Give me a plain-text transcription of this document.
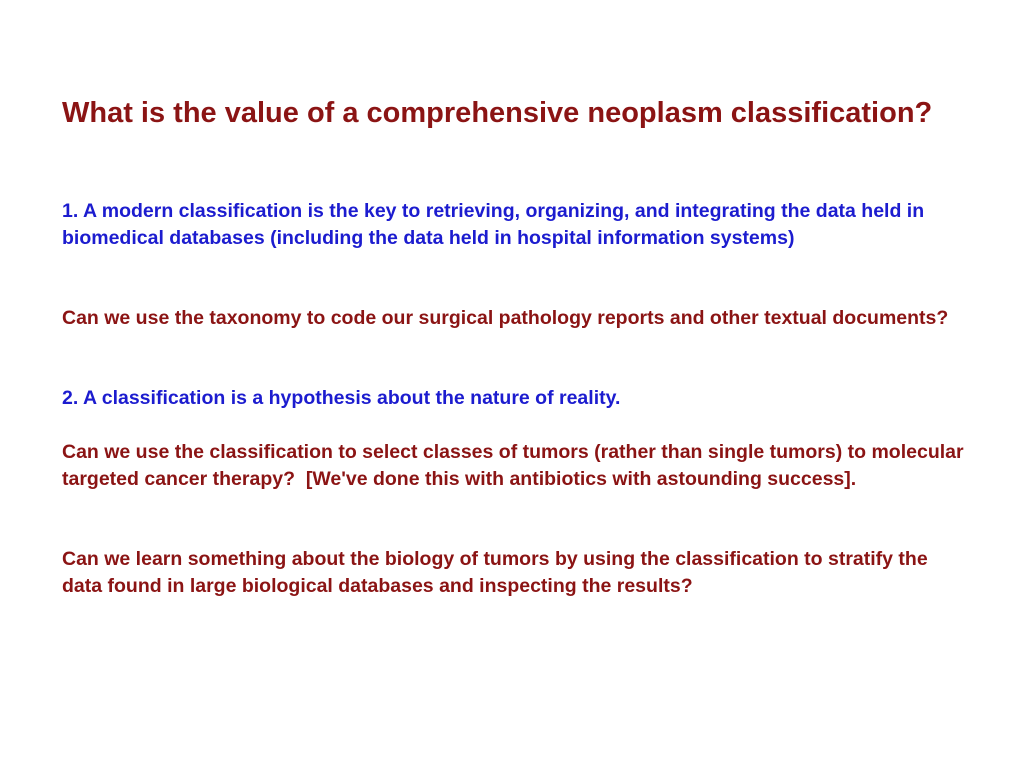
What is the value of a comprehensive neoplasm classification?

1. A modern classification is the key to retrieving, organizing, and integrating the data held in biomedical databases (including the data held in hospital information systems)

Can we use the taxonomy to code our surgical pathology reports and other textual documents?

2. A classification is a hypothesis about the nature of reality.

Can we use the classification to select classes of tumors (rather than single tumors) to molecular targeted cancer therapy?  [We've done this with antibiotics with astounding success].

Can we learn something about the biology of tumors by using the classification to stratify the data found in large biological databases and inspecting the results?
